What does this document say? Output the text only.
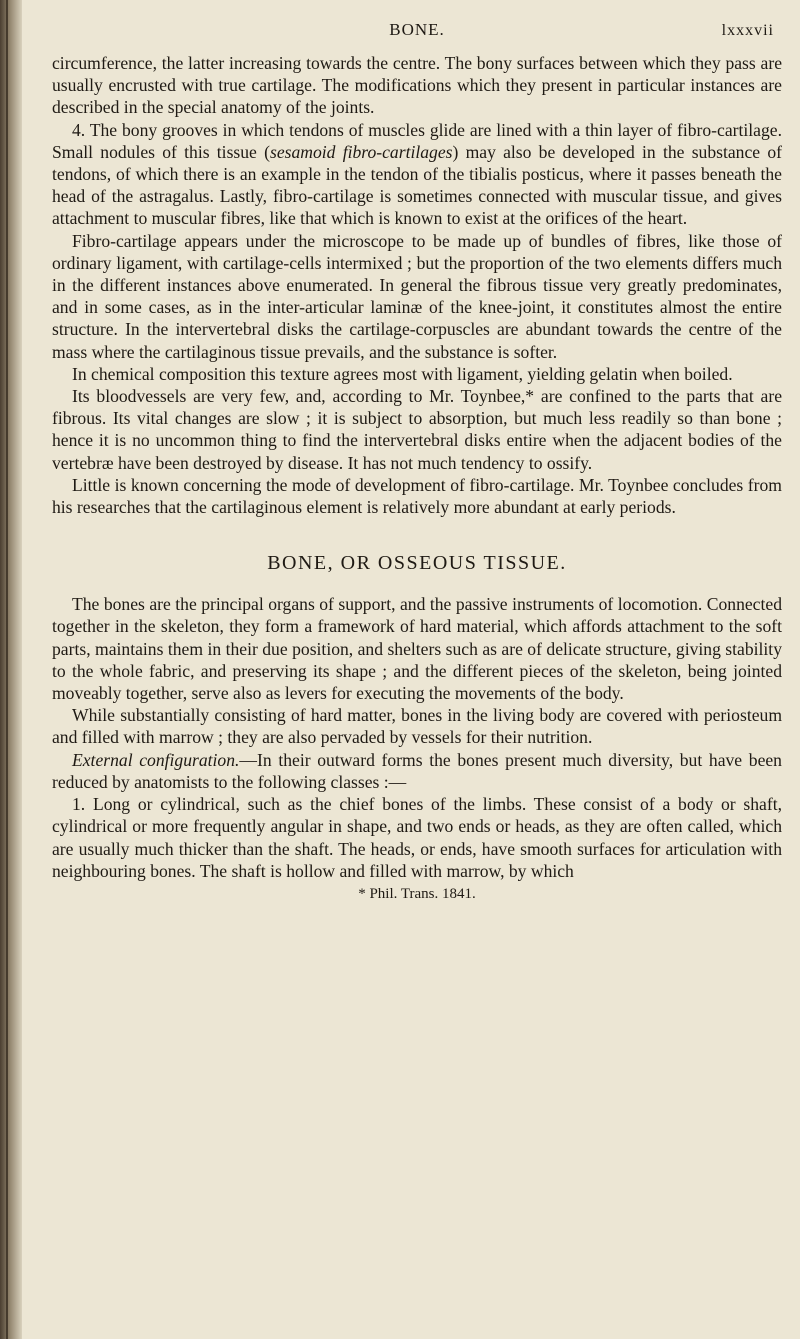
BONE.	lxxxvii

circumference, the latter increasing towards the centre. The bony surfaces between which they pass are usually encrusted with true cartilage. The modifications which they present in particular instances are described in the special anatomy of the joints.

4. The bony grooves in which tendons of muscles glide are lined with a thin layer of fibro-cartilage. Small nodules of this tissue (sesamoid fibro-cartilages) may also be developed in the substance of tendons, of which there is an example in the tendon of the tibialis posticus, where it passes beneath the head of the astragalus. Lastly, fibro-cartilage is sometimes connected with muscular tissue, and gives attachment to muscular fibres, like that which is known to exist at the orifices of the heart.

Fibro-cartilage appears under the microscope to be made up of bundles of fibres, like those of ordinary ligament, with cartilage-cells intermixed ; but the proportion of the two elements differs much in the different instances above enumerated. In general the fibrous tissue very greatly predominates, and in some cases, as in the inter-articular laminæ of the knee-joint, it constitutes almost the entire structure. In the intervertebral disks the cartilage-corpuscles are abundant towards the centre of the mass where the cartilaginous tissue prevails, and the substance is softer.

In chemical composition this texture agrees most with ligament, yielding gelatin when boiled.

Its bloodvessels are very few, and, according to Mr. Toynbee,* are confined to the parts that are fibrous. Its vital changes are slow ; it is subject to absorption, but much less readily so than bone ; hence it is no uncommon thing to find the intervertebral disks entire when the adjacent bodies of the vertebræ have been destroyed by disease. It has not much tendency to ossify.

Little is known concerning the mode of development of fibro-cartilage. Mr. Toynbee concludes from his researches that the cartilaginous element is relatively more abundant at early periods.

BONE, OR OSSEOUS TISSUE.

The bones are the principal organs of support, and the passive instruments of locomotion. Connected together in the skeleton, they form a framework of hard material, which affords attachment to the soft parts, maintains them in their due position, and shelters such as are of delicate structure, giving stability to the whole fabric, and preserving its shape ; and the different pieces of the skeleton, being jointed moveably together, serve also as levers for executing the movements of the body.

While substantially consisting of hard matter, bones in the living body are covered with periosteum and filled with marrow ; they are also pervaded by vessels for their nutrition.

External configuration.—In their outward forms the bones present much diversity, but have been reduced by anatomists to the following classes :—

1. Long or cylindrical, such as the chief bones of the limbs. These consist of a body or shaft, cylindrical or more frequently angular in shape, and two ends or heads, as they are often called, which are usually much thicker than the shaft. The heads, or ends, have smooth surfaces for articulation with neighbouring bones. The shaft is hollow and filled with marrow, by which

* Phil. Trans. 1841.
